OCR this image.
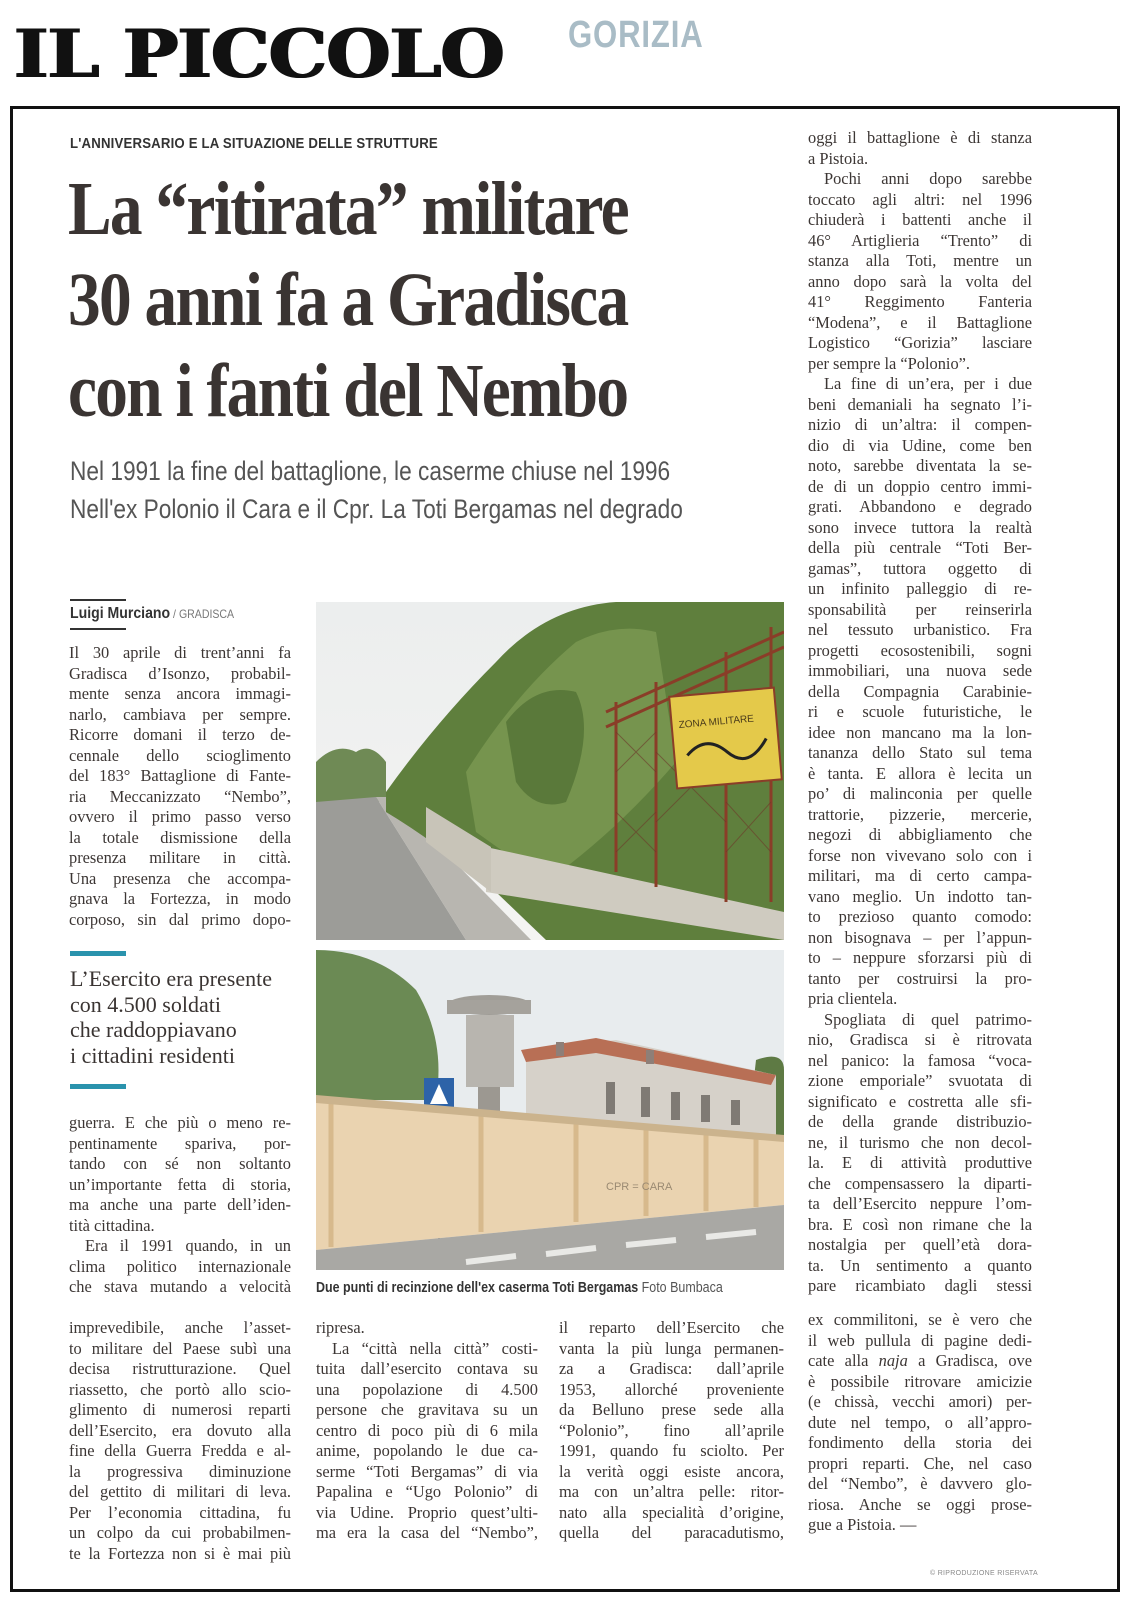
IL PICCOLO GORIZIA
L'ANNIVERSARIO E LA SITUAZIONE DELLE STRUTTURE
La “ritirata” militare
30 anni fa a Gradisca
con i fanti del Nembo
Nel 1991 la fine del battaglione, le caserme chiuse nel 1996
Nell'ex Polonio il Cara e il Cpr. La Toti Bergamas nel degrado
Luigi Murciano / GRADISCA
Il 30 aprile di trent’anni fa
Gradisca d’Isonzo, probabil-
mente senza ancora immagi-
narlo, cambiava per sempre.
Ricorre domani il terzo de-
cennale dello scioglimento
del 183° Battaglione di Fante-
ria Meccanizzato “Nembo”,
ovvero il primo passo verso
la totale dismissione della
presenza militare in città.
Una presenza che accompa-
gnava la Fortezza, in modo
corposo, sin dal primo dopo-
L’Esercito era presente
con 4.500 soldati
che raddoppiavano
i cittadini residenti
guerra. E che più o meno re-
pentinamente spariva, por-
tando con sé non soltanto
un’importante fetta di storia,
ma anche una parte dell’iden-
tità cittadina.
Era il 1991 quando, in un
clima politico internazionale
che stava mutando a velocità
imprevedibile, anche l’asset-
to militare del Paese subì una
decisa ristrutturazione. Quel
riassetto, che portò allo scio-
glimento di numerosi reparti
dell’Esercito, era dovuto alla
fine della Guerra Fredda e al-
la progressiva diminuzione
del gettito di militari di leva.
Per l’economia cittadina, fu
un colpo da cui probabilmen-
te la Fortezza non si è mai più
ZONA MILITARE
CPR = CARA
Due punti di recinzione dell'ex caserma Toti Bergamas Foto Bumbaca
ripresa.
La “città nella città” costi-
tuita dall’esercito contava su
una popolazione di 4.500
persone che gravitava su un
centro di poco più di 6 mila
anime, popolando le due ca-
serme “Toti Bergamas” di via
Papalina e “Ugo Polonio” di
via Udine. Proprio quest’ulti-
ma era la casa del “Nembo”,
il reparto dell’Esercito che
vanta la più lunga permanen-
za a Gradisca: dall’aprile
1953, allorché proveniente
da Belluno prese sede alla
“Polonio”, fino all’aprile
1991, quando fu sciolto. Per
la verità oggi esiste ancora,
ma con un’altra pelle: ritor-
nato alla specialità d’origine,
quella del paracadutismo,
oggi il battaglione è di stanza
a Pistoia.
Pochi anni dopo sarebbe
toccato agli altri: nel 1996
chiuderà i battenti anche il
46° Artiglieria “Trento” di
stanza alla Toti, mentre un
anno dopo sarà la volta del
41° Reggimento Fanteria
“Modena”, e il Battaglione
Logistico “Gorizia” lasciare
per sempre la “Polonio”.
La fine di un’era, per i due
beni demaniali ha segnato l’i-
nizio di un’altra: il compen-
dio di via Udine, come ben
noto, sarebbe diventata la se-
de di un doppio centro immi-
grati. Abbandono e degrado
sono invece tuttora la realtà
della più centrale “Toti Ber-
gamas”, tuttora oggetto di
un infinito palleggio di re-
sponsabilità per reinserirla
nel tessuto urbanistico. Fra
progetti ecosostenibili, sogni
immobiliari, una nuova sede
della Compagnia Carabinie-
ri e scuole futuristiche, le
idee non mancano ma la lon-
tananza dello Stato sul tema
è tanta. E allora è lecita un
po’ di malinconia per quelle
trattorie, pizzerie, mercerie,
negozi di abbigliamento che
forse non vivevano solo con i
militari, ma di certo campa-
vano meglio. Un indotto tan-
to prezioso quanto comodo:
non bisognava – per l’appun-
to – neppure sforzarsi più di
tanto per costruirsi la pro-
pria clientela.
Spogliata di quel patrimo-
nio, Gradisca si è ritrovata
nel panico: la famosa “voca-
zione emporiale” svuotata di
significato e costretta alle sfi-
de della grande distribuzio-
ne, il turismo che non decol-
la. E di attività produttive
che compensassero la diparti-
ta dell’Esercito neppure l’om-
bra. E così non rimane che la
nostalgia per quell’età dora-
ta. Un sentimento a quanto
pare ricambiato dagli stessi
ex commilitoni, se è vero che
il web pullula di pagine dedi-
cate alla naja a Gradisca, ove
è possibile ritrovare amicizie
(e chissà, vecchi amori) per-
dute nel tempo, o all’appro-
fondimento della storia dei
propri reparti. Che, nel caso
del “Nembo”, è davvero glo-
riosa. Anche se oggi prose-
gue a Pistoia. —
© RIPRODUZIONE RISERVATA
